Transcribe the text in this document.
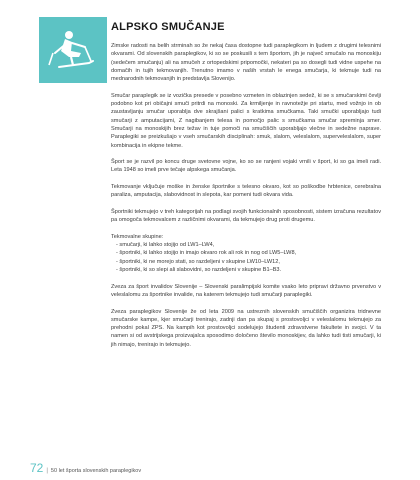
ALPSKO SMUČANJE

Zimske radosti na belih strminah so že nekaj časa dostopne tudi paraplegikom in ljudem z drugimi telesnimi okvarami. Od slovenskih paraplegikov, ki so se poskusili s tem športom, jih je največ smučalo na monoskiju (sedečem smučanju) ali na smučeh z ortopedskimi pripomočki, nekateri pa so dosegli tudi vidne uspehe na domačih in tujih tekmovanjih. Trenutno imamo v naših vrstah le enega smučarja, ki tekmuje tudi na mednarodnih tekmovanjih in predstavlja Slovenijo.

Smučar paraplegik se iz vozička presede v posebno vzmeten in oblazinjen sedež, ki se s smučarskimi čevlji podobno kot pri običajni smuči pritrdi na monoski. Za krmiljenje in ravnotežje pri startu, med vožnjo in ob zaustavljanju smučar uporablja dve skrajšani palici s kratkima smučkama. Taki smučki uporabljajo tudi smučarji z amputacijami, Z nagibanjem telesa in pomočjo palic s smučkama smučar spreminja smer. Smučarji na monoskijih brez težav in tuje pomoči na smučiščih uporabljajo vlečne in sedežne naprave. Paraplegiki se preizkušajo v vseh smučarskih disciplinah: smuk, slalom, veleslalom, superveleslalom, super kombinacija in ekipne tekme.

Šport se je razvil po koncu druge svetovne vojne, ko so se ranjeni vojaki vrnili v šport, ki so ga imeli radi. Leta 1948 so imeli prve tečaje alpskega smučanja.

Tekmovanje vključuje moške in ženske športnike s telesno okvaro, kot so poškodbe hrbtenice, cerebralna paraliza, amputacija, slabovidnost in slepota, kar pomeni tudi okvara vida.

Športniki tekmujejo v treh kategorijah na podlagi svojih funkcionalnih sposobnosti, sistem izračuna rezultatov pa omogoča tekmovalcem z različnimi okvarami, da tekmujejo drug proti drugemu.

Tekmovalne skupine:
- smučarji, ki lahko stojijo od LW1–LW4,
- športniki, ki lahko stojijo in imajo okvaro rok ali rok in nog od LW5–LW8,
- športniki, ki ne morejo stati, so razdeljeni v skupine LW10–LW12,
- športniki, ki so slepi ali slabovidni, so razdeljeni v skupine B1–B3.

Zveza za šport invalidov Slovenije – Slovenski paralimpijski komite vsako leto pripravi državno prvenstvo v veleslalomu za športnike invalide, na katerem tekmujejo tudi smučarji paraplegiki.

Zveza paraplegikov Slovenije že od leta 2009 na ustreznih slovenskih smučiščih organizira tridnevne smučarske kampe, kjer smučarji trenirajo, zadnji dan pa skupaj s prostovoljci v veleslalomu tekmujejo za prehodni pokal ZPS. Na kampih kot prostovoljci sodelujejo študenti zdravstvene fakultete in svojci. V ta namen si od avstrijskega proizvajalca sposodimo določeno število monoskijev, da lahko tudi tisti smučarji, ki jih nimajo, trenirajo in tekmujejo.

72 | 50 let športa slovenskih paraplegikov
